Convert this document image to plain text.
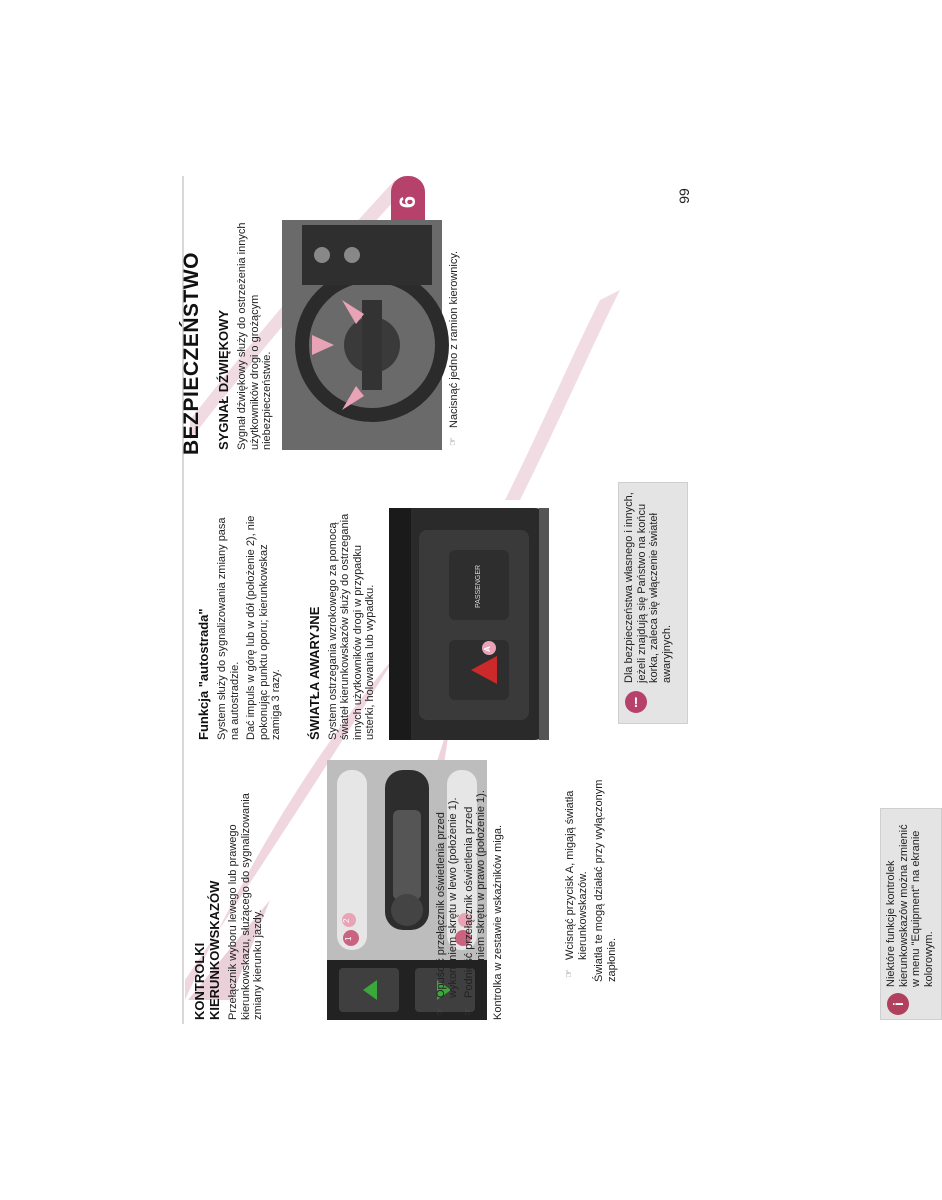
6	99
BEZPIECZEŃSTWO
KONTROLKI KIERUNKOWSKAZÓW Przełącznik wyboru lewego lub prawego kierunkowskazu, służącego do sygnalizowania zmiany kierunku jazdy.	1
2
☞
Opuścić przełącznik oświetlenia przed wykonaniem skrętu w lewo (położenie 1).
☞
Podnieść przełącznik oświetlenia przed wykonaniem skrętu w prawo (położenie 1). Kontrolka w zestawie wskaźników miga.	i
Niektóre funkcje kontrolek kierunkowskazów można zmienić w menu "Equipment" na ekranie kolorowym.
Funkcja "autostrada" System służy do sygnalizowania zmiany pasa na autostradzie. Dać impuls w górę lub w dół (położenie 2), nie pokonując punktu oporu; kierunkowskaz zamiga 3 razy. ŚWIATŁA AWARYJNE System ostrzegania wzrokowego za pomocą świateł kierunkowskazów służy do ostrzegania innych użytkowników drogi w przypadku usterki, holowania lub wypadku.	A
PASSENGER
SYGNAŁ DŹWIĘKOWY Sygnał dźwiękowy służy do ostrzeżenia innych użytkowników drogi o grożącym niebezpieczeństwie.	☞
Nacisnąć jedno z ramion kierownicy.
☞
Wcisnąć przycisk A, migają światła kierunkowskazów. Światła te mogą działać przy wyłączonym zapłonie.

!
Dla bezpieczeństwa własnego i innych, jeżeli znajdują się Państwo na końcu korka, zaleca się włączenie świateł awaryjnych.
